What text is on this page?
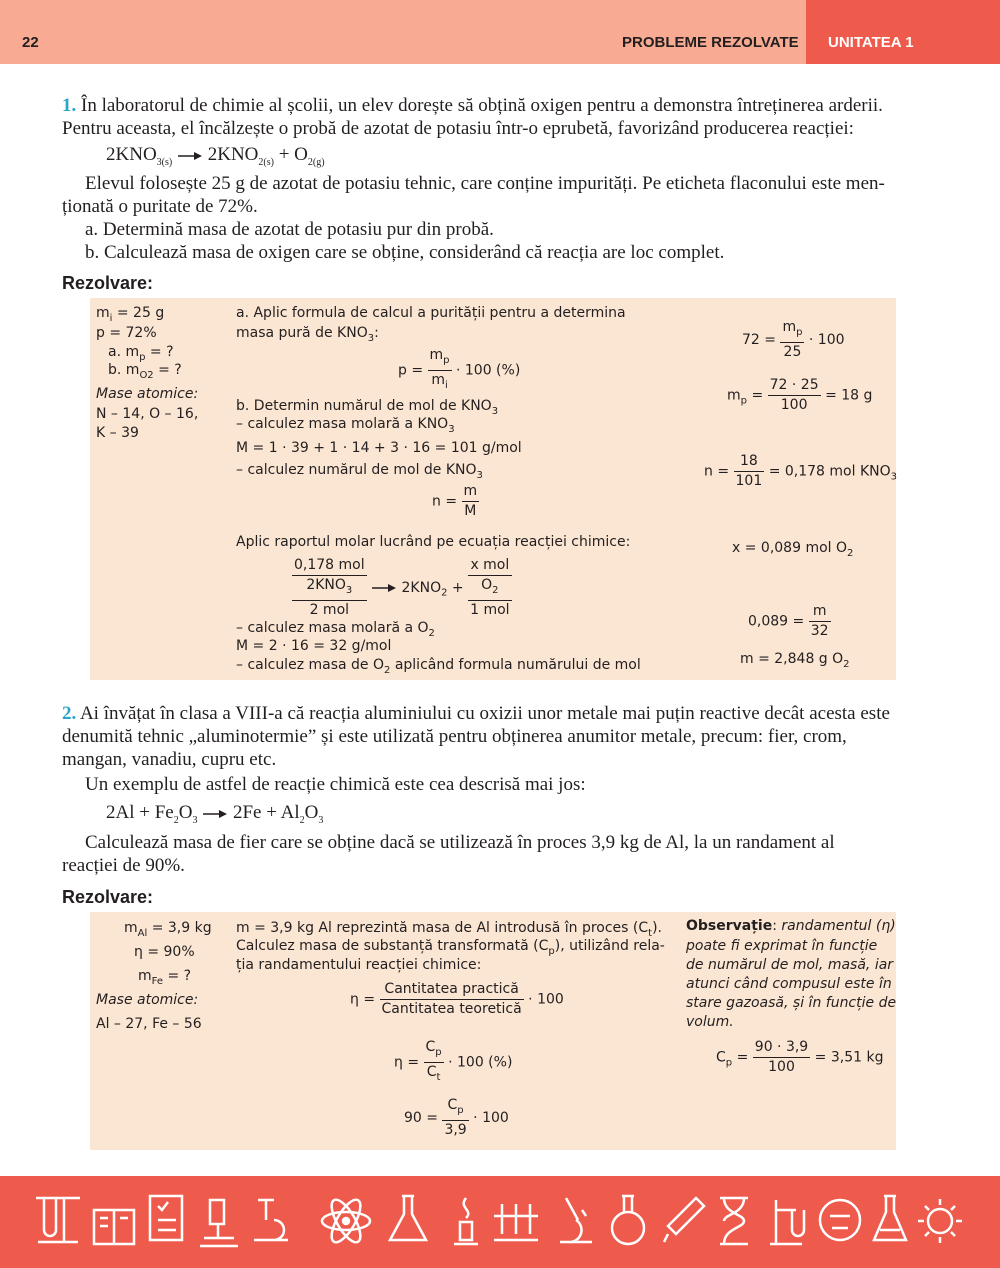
22	PROBLEME REZOLVATE UNITATEA 1
1. În laboratorul de chimie al școlii, un elev dorește să obțină oxigen pentru a demonstra întreținerea arderii.
Pentru aceasta, el încălzește o probă de azotat de potasiu într-o eprubetă, favorizând producerea reacției:
$2KNO_{3(s)}$  $2KNO_{2(s)} + O_{2(g)}$
Elevul folosește 25 g de azotat de potasiu tehnic, care conține impurități. Pe eticheta flaconului este men-
ționată o puritate de 72%.
a. Determină masa de azotat de potasiu pur din probă.
b. Calculează masa de oxigen care se obține, considerând că reacția are loc complet.
Rezolvare:
$m_i = 25$ g
p = 72%
a. $m_p$ = ?
b. $m_{O2}$ = ?
Mase atomice:
N – 14, O – 16,
K – 39
a. Aplic formula de calcul a purității pentru a determina
masa pură de $KNO_3$:
$p = \frac{m_p}{m_i} \cdot 100$ (%)
b. Determin numărul de mol de $KNO_3$
– calculez masa molară a $KNO_3$
M = 1 · 39 + 1 · 14 + 3 · 16 = 101 g/mol
– calculez numărul de mol de $KNO_3$
$n = \frac{m}{M}$
Aplic raportul molar lucrând pe ecuația reacției chimice:
0,178 mol
$2KNO_3$
2 mol
$2KNO_2$ +
x mol
$O_2$
1 mol
– calculez masa molară a $O_2$
M = 2 · 16 = 32 g/mol
– calculez masa de $O_2$ aplicând formula numărului de mol
$72 = \frac{m_p}{25} \cdot 100$
$m_p = \frac{72 \cdot 25}{100} = 18$ g
$n = \frac{18}{101} = 0,178$ mol $KNO_3$
x = 0,089 mol $O_2$
$0,089 = \frac{m}{32}$
m = 2,848 g $O_2$
2. Ai învățat în clasa a VIII-a că reacția aluminiului cu oxizii unor metale mai puțin reactive decât acesta este
denumită tehnic „aluminotermie” și este utilizată pentru obținerea anumitor metale, precum: fier, crom,
mangan, vanadiu, cupru etc.
Un exemplu de astfel de reacție chimică este cea descrisă mai jos:
$2Al + Fe_2O_3$  $2Fe + Al_2O_3$
Calculează masa de fier care se obține dacă se utilizează în proces 3,9 kg de Al, la un randament al
reacției de 90%.
Rezolvare:
$m_{Al} = 3,9$ kg
η = 90%
$m_{Fe}$ = ?
Mase atomice:
Al – 27, Fe – 56
m = 3,9 kg Al reprezintă masa de Al introdusă în proces $(C_t)$.
Calculez masa de substanță transformată $(C_p)$, utilizând rela-
ția randamentului reacției chimice:
$\eta = \frac{\text{Cantitatea practică}}{\text{Cantitatea teoretică}} \cdot 100$
$\eta = \frac{C_p}{C_t} \cdot 100$ (%)
$90 = \frac{C_p}{3,9} \cdot 100$
Observație: randamentul (η)
poate fi exprimat în funcție
de numărul de mol, masă, iar
atunci când compusul este în
stare gazoasă, și în funcție de
volum.
$C_p = \frac{90 \cdot 3,9}{100} = 3,51$ kg
